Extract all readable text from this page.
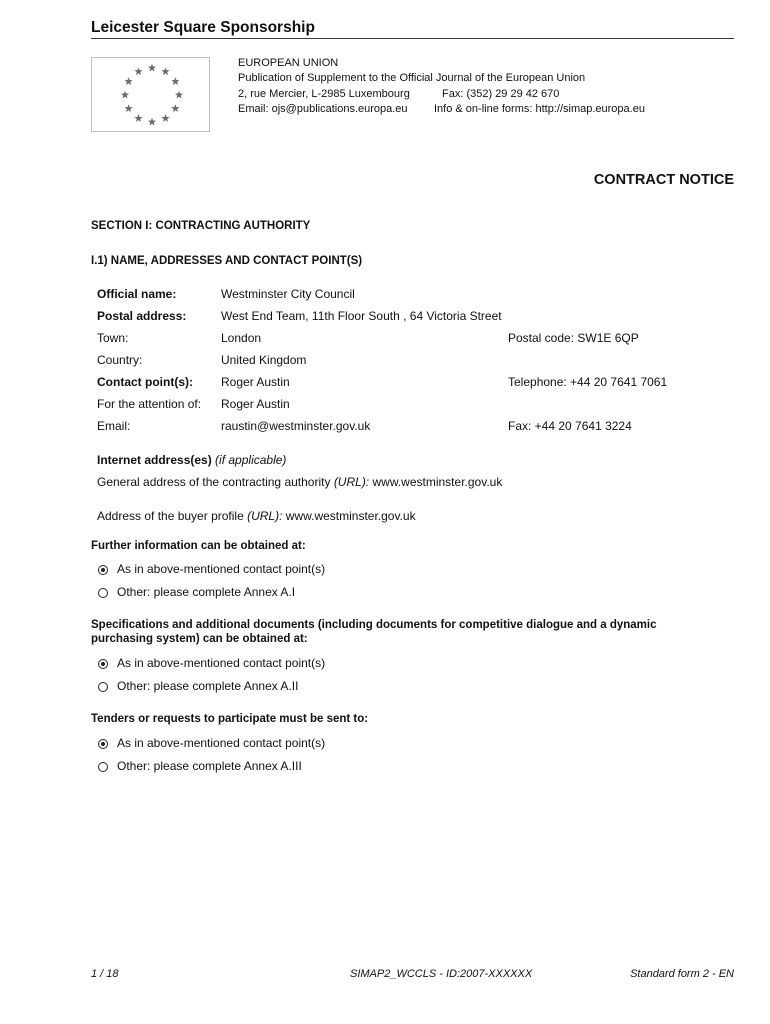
Leicester Square Sponsorship
EUROPEAN UNION
Publication of Supplement to the Official Journal of the European Union
2, rue Mercier, L-2985 Luxembourg	Fax: (352) 29 29 42 670
Email: ojs@publications.europa.eu Info & on-line forms: http://simap.europa.eu
CONTRACT NOTICE
SECTION I: CONTRACTING AUTHORITY
I.1) NAME, ADDRESSES AND CONTACT POINT(S)
Official name:	Westminster City Council
Postal address:	West End Team, 11th Floor South , 64 Victoria Street
Town:	London	Postal code: SW1E 6QP
Country:	United Kingdom
Contact point(s): Roger Austin	Telephone: +44 20 7641 7061
For the attention of: Roger Austin
Email:	raustin@westminster.gov.uk	Fax: +44 20 7641 3224
Internet address(es) (if applicable)
General address of the contracting authority (URL): www.westminster.gov.uk
Address of the buyer profile (URL): www.westminster.gov.uk
Further information can be obtained at:
As in above-mentioned contact point(s)
Other: please complete Annex A.I
Specifications and additional documents (including documents for competitive dialogue and a dynamic
purchasing system) can be obtained at:
As in above-mentioned contact point(s)
Other: please complete Annex A.II
Tenders or requests to participate must be sent to:
As in above-mentioned contact point(s)
Other: please complete Annex A.III
1 / 18	SIMAP2_WCCLS - ID:2007-XXXXXX	Standard form 2 - EN
